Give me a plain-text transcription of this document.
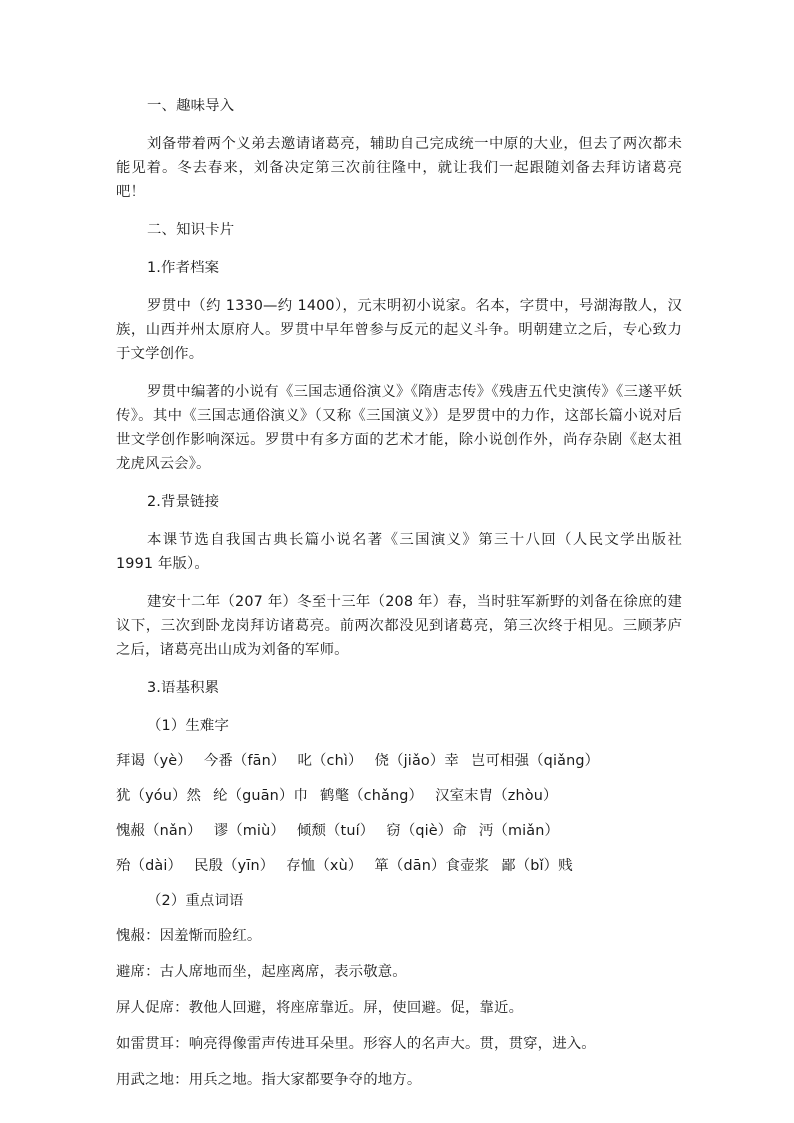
一、趣味导入

刘备带着两个义弟去邀请诸葛亮，辅助自己完成统一中原的大业，但去了两次都未能见着。冬去春来，刘备决定第三次前往隆中，就让我们一起跟随刘备去拜访诸葛亮吧！

二、知识卡片

1.作者档案

罗贯中（约 1330—约 1400），元末明初小说家。名本，字贯中，号湖海散人，汉族，山西并州太原府人。罗贯中早年曾参与反元的起义斗争。明朝建立之后，专心致力于文学创作。

罗贯中编著的小说有《三国志通俗演义》《隋唐志传》《残唐五代史演传》《三遂平妖传》。其中《三国志通俗演义》（又称《三国演义》）是罗贯中的力作，这部长篇小说对后世文学创作影响深远。罗贯中有多方面的艺术才能，除小说创作外，尚存杂剧《赵太祖龙虎风云会》。

2.背景链接

本课节选自我国古典长篇小说名著《三国演义》第三十八回（人民文学出版社 1991 年版）。

建安十二年（207 年）冬至十三年（208 年）春，当时驻军新野的刘备在徐庶的建议下，三次到卧龙岗拜访诸葛亮。前两次都没见到诸葛亮，第三次终于相见。三顾茅庐之后，诸葛亮出山成为刘备的军师。

3.语基积累

（1）生难字

拜谒（yè） 今番（fān） 叱（chì） 侥（jiǎo）幸 岂可相强（qiǎng）
犹（yóu）然 纶（guān）巾 鹤氅（chǎng） 汉室末胄（zhòu）
愧赧（nǎn） 谬（miù） 倾颓（tuí） 窃（qiè）命 沔（miǎn）
殆（dài） 民殷（yīn） 存恤（xù） 箪（dān）食壶浆 鄙（bǐ）贱

（2）重点词语

愧赧：因羞惭而脸红。
避席：古人席地而坐，起座离席，表示敬意。
屏人促席：教他人回避，将座席靠近。屏，使回避。促，靠近。
如雷贯耳：响亮得像雷声传进耳朵里。形容人的名声大。贯，贯穿，进入。
用武之地：用兵之地。指大家都要争夺的地方。
